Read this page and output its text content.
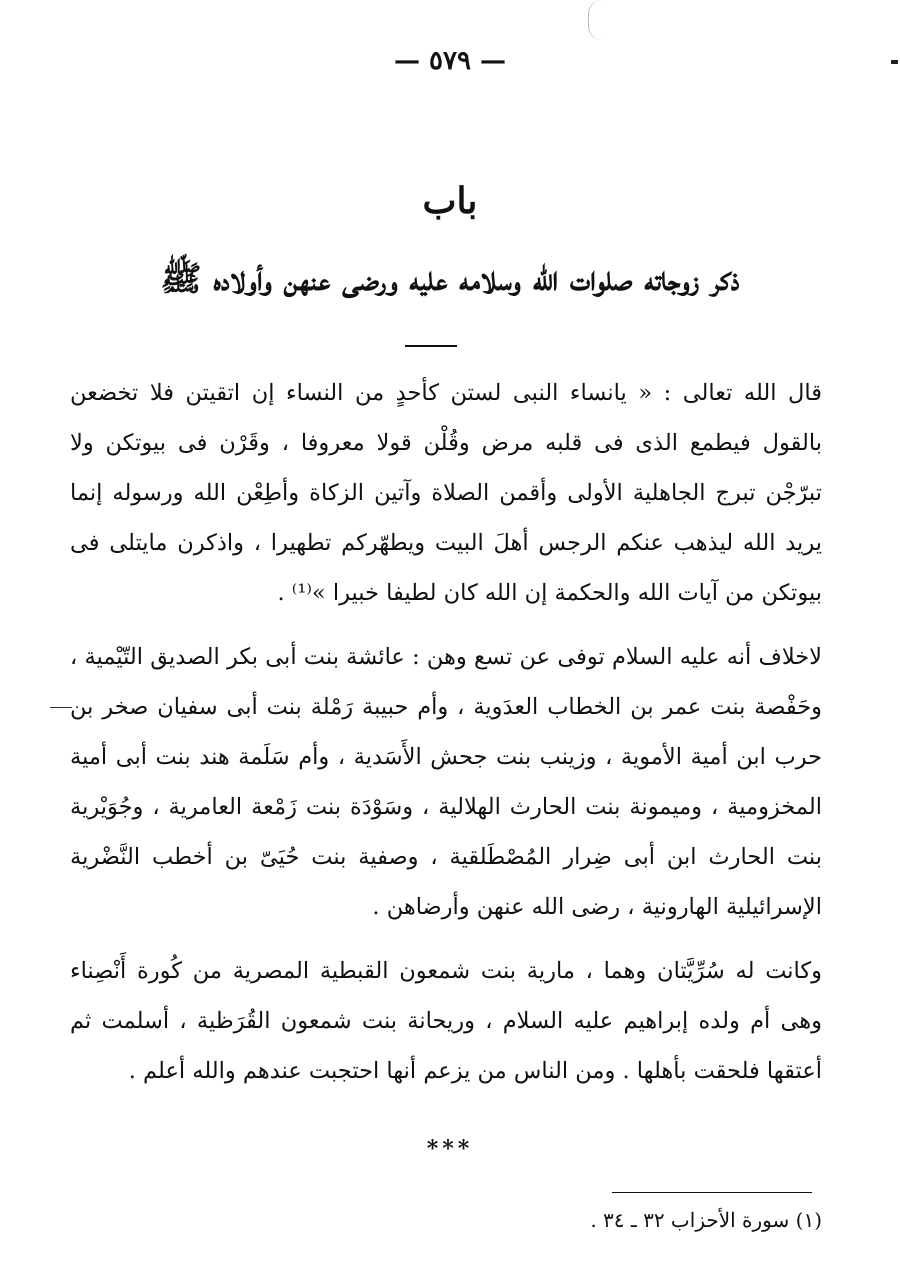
— ٥٧٩ —
باب
ذكر زوجاته صلوات الله وسلامه عليه ورضى عنهن وأولاده ﷺ

قال الله تعالى : « يانساء النبى لستن كأحدٍ من النساء إن اتقيتن فلا تخضعن بالقول فيطمع الذى فى قلبه مرض وقُلْن قولا معروفا ، وقَرْن فى بيوتكن ولا تبرّجْن تبرج الجاهلية الأولى وأقمن الصلاة وآتين الزكاة وأطِعْن الله ورسوله إنما يريد الله ليذهب عنكم الرجس أهلَ البيت ويطهّركم تطهيرا ، واذكرن مايتلى فى بيوتكن من آيات الله والحكمة إن الله كان لطيفا خبيرا »⁽¹⁾ .

لاخلاف أنه عليه السلام توفى عن تسع وهن : عائشة بنت أبى بكر الصديق التّيْمية ، وحَفْصة بنت عمر بن الخطاب العدَوية ، وأم حبيبة رَمْلة بنت أبى سفيان صخر بن حرب ابن أمية الأموية ، وزينب بنت جحش الأَسَدية ، وأم سَلَمة هند بنت أبى أمية المخزومية ، وميمونة بنت الحارث الهلالية ، وسَوْدَة بنت زَمْعة العامرية ، وجُوَيْرية بنت الحارث ابن أبى ضِرار المُصْطَلقية ، وصفية بنت حُيَىّ بن أخطب النَّضْرية الإسرائيلية الهارونية ، رضى الله عنهن وأرضاهن .

وكانت له سُرِّيَّتان وهما ، مارية بنت شمعون القبطية المصرية من كُورة أَنْصِناء وهى أم ولده إبراهيم عليه السلام ، وريحانة بنت شمعون القُرَظية ، أسلمت ثم أعتقها فلحقت بأهلها . ومن الناس من يزعم أنها احتجبت عندهم والله أعلم .

***
(١) سورة الأحزاب ٣٢ ـ ٣٤ .
